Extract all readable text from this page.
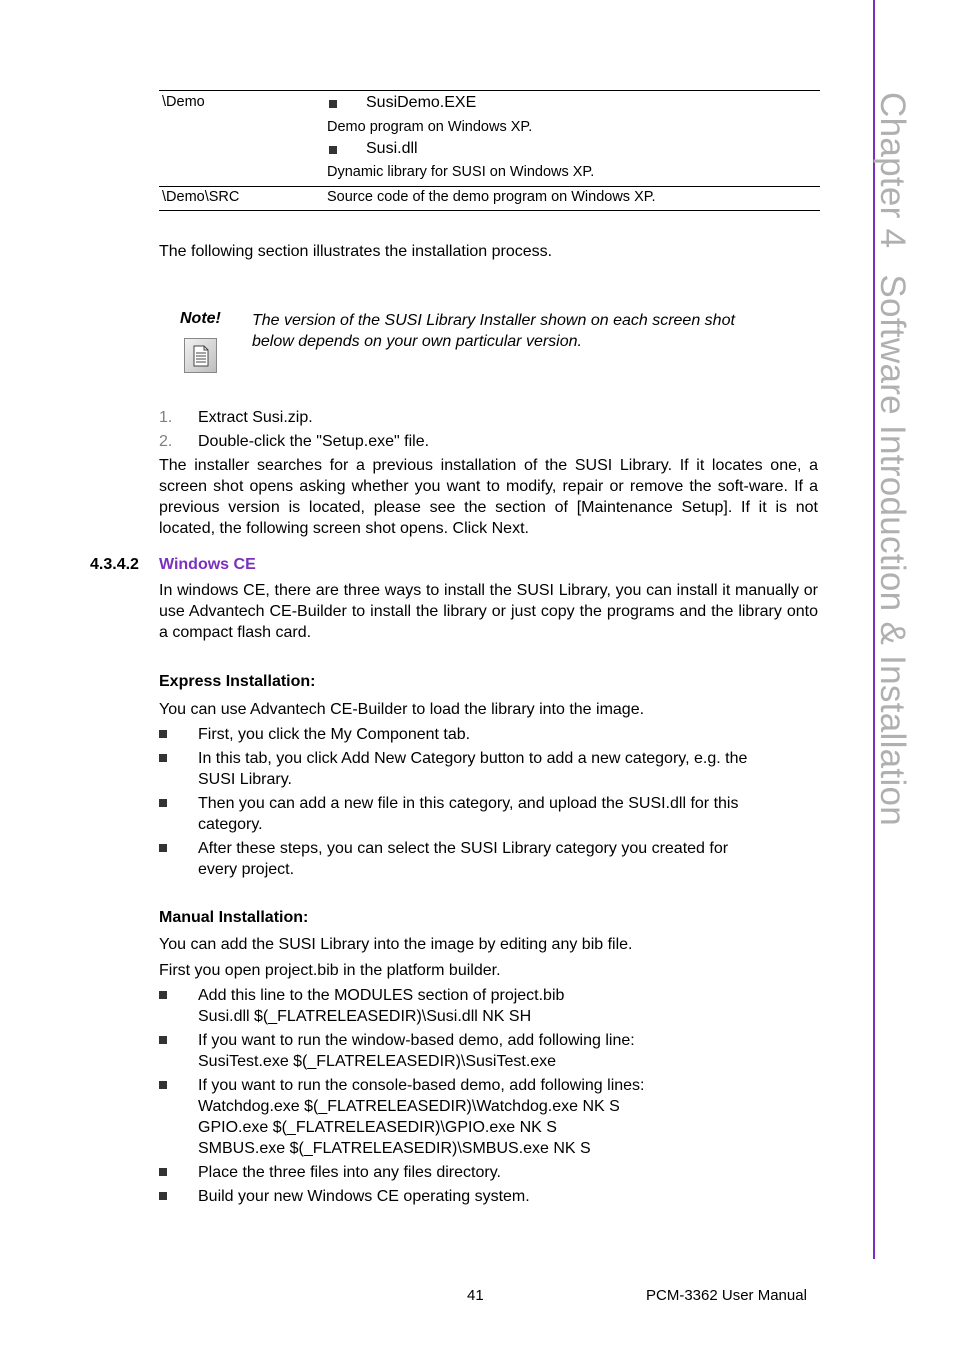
\Demo	SusiDemo.EXE
Demo program on Windows XP.
Susi.dll
Dynamic library for SUSI on Windows XP.
\Demo\SRC	Source code of the demo program on Windows XP.
The following section illustrates the installation process.
Note! The version of the SUSI Library Installer shown on each screen shot
below depends on your own particular version.
1. Extract Susi.zip.
2. Double-click the "Setup.exe" file.
The installer searches for a previous installation of the SUSI Library. If it locates one, a screen shot opens asking whether you want to modify, repair or remove the soft-ware. If a previous version is located, please see the section of [Maintenance Setup]. If it is not located, the following screen shot opens. Click Next.
4.3.4.2 Windows CE
In windows CE, there are three ways to install the SUSI Library, you can install it manually or use Advantech CE-Builder to install the library or just copy the programs and the library onto a compact flash card.
Express Installation:
You can use Advantech CE-Builder to load the library into the image.
First, you click the My Component tab.
In this tab, you click Add New Category button to add a new category, e.g. the
SUSI Library.
Then you can add a new file in this category, and upload the SUSI.dll for this
category.
After these steps, you can select the SUSI Library category you created for
every project.
Manual Installation:
You can add the SUSI Library into the image by editing any bib file.
First you open project.bib in the platform builder.
Add this line to the MODULES section of project.bib
Susi.dll $(_FLATRELEASEDIR)\Susi.dll NK SH
If you want to run the window-based demo, add following line:
SusiTest.exe $(_FLATRELEASEDIR)\SusiTest.exe
If you want to run the console-based demo, add following lines:
Watchdog.exe $(_FLATRELEASEDIR)\Watchdog.exe NK S
GPIO.exe $(_FLATRELEASEDIR)\GPIO.exe NK S
SMBUS.exe $(_FLATRELEASEDIR)\SMBUS.exe NK S
Place the three files into any files directory.
Build your new Windows CE operating system.
41	PCM-3362 User Manual
Chapter 4Software Introduction & Installation
